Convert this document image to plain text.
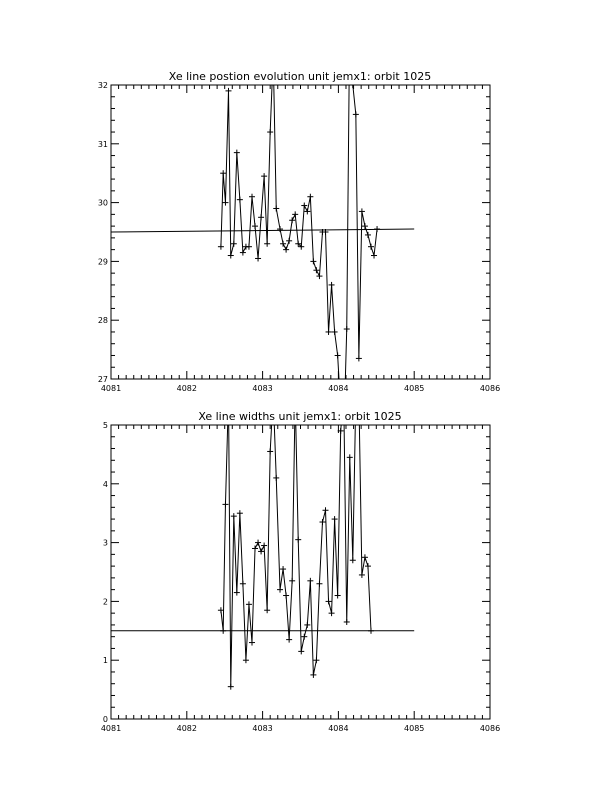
Xe line postion evolution unit jemx1: orbit 1025
4081	4082	4083	4084	4085	4086
27
28
29
30
31
32
Xe line widths unit jemx1: orbit 1025
4081	4082	4083	4084	4085	4086
0
1
2
3
4
5
